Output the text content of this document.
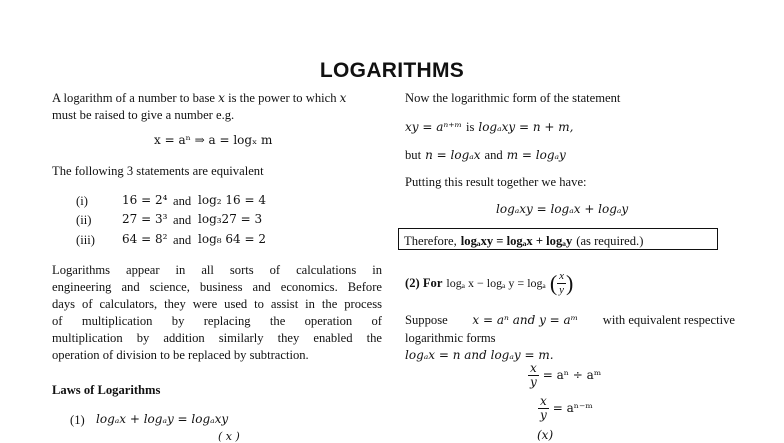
LOGARITHMS
A logarithm of a number to base x is the power to which x
must be raised to give a number e.g.
x = aⁿ ⇒ a = logₓ m
The following 3 statements are equivalent
(i)	16 = 2⁴ and log₂ 16 = 4
(ii)	27 = 3³ and log₃27 = 3
(iii) 64 = 8² and log₈ 64 = 2
Logarithms appear in all sorts of calculations in
engineering and science, business and economics. Before
days of calculators, they were used to assist in the process
of multiplication by replacing the operation of
multiplication by addition similarly they enabled the
operation of division to be replaced by subtraction.
Laws of Logarithms
(1) logₐx + logₐy = logₐxy
( x )
Now the logarithmic form of the statement
xy = aⁿ⁺ᵐ is logₐxy = n + m,
but n = logₐx and m = logₐy
Putting this result together we have:
logₐxy = logₐx + logₐy
Therefore, logₐxy = logₐx + logₐy (as required.)
(2) For logₐ x − logₐ y = logₐ ( $\frac{x}{y}$ )
Suppose x = aⁿ and y = aᵐ with equivalent respective
logarithmic forms
logₐx = n and logₐy = m.
$\frac{x}{y} = a^n$ ÷ aᵐ
$\frac{x}{y}$ = aⁿ⁻ᵐ
(x)
